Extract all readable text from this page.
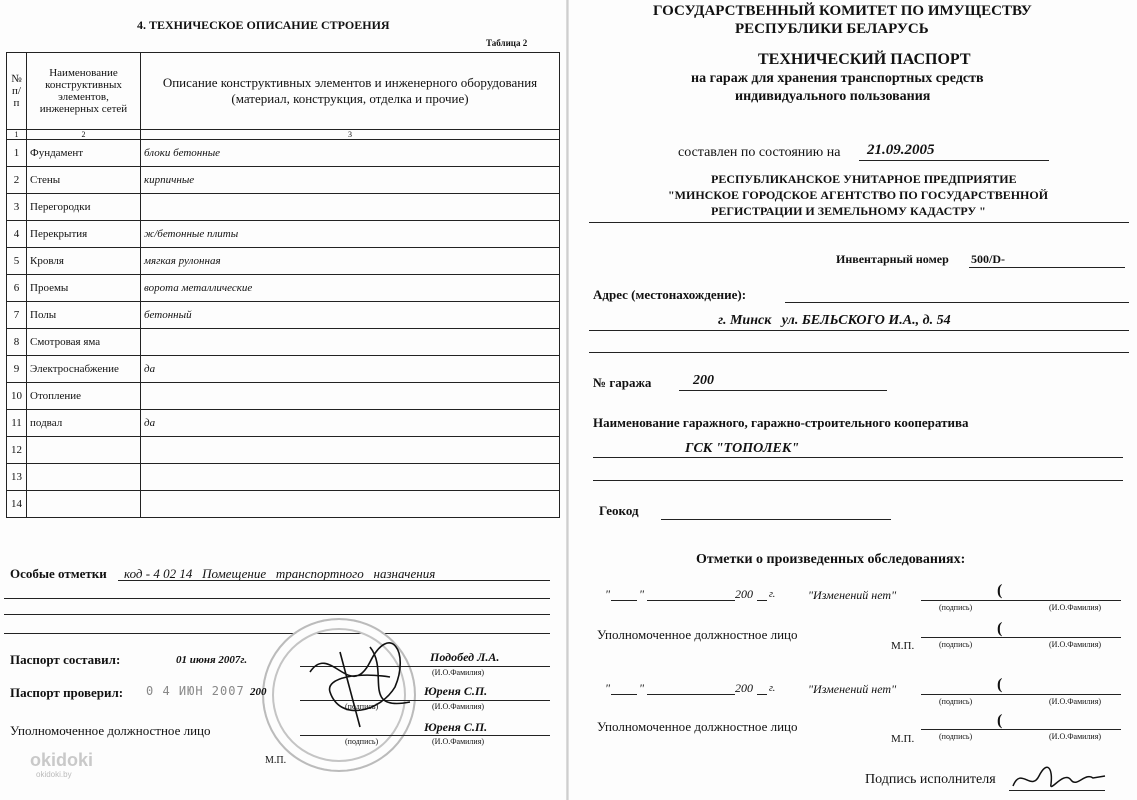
4. ТЕХНИЧЕСКОЕ ОПИСАНИЕ СТРОЕНИЯ
Таблица 2
№ п/ п	Наименование конструктивных элементов, инженерных сетей	Описание конструктивных элементов и инженерного оборудования (материал, конструкция, отделка и прочие)
1	2	3
1	Фундамент	блоки бетонные
2	Стены	кирпичные
3	Перегородки	
4	Перекрытия	ж/бетонные плиты
5	Кровля	мягкая рулонная
6	Проемы	ворота металлические
7	Полы	бетонный
8	Смотровая яма	
9	Электроснабжение	да
10	Отопление	
11	подвал	да
12		
13		
14		
Особые отметки код - 4 02 14   Помещение   транспортного   назначения
Паспорт составил:	01 июня 2007г.	Подобед Л.А.
(И.О.Фамилия)
Паспорт проверил: 0 4 ИЮН 2007 200	Юреня С.П.
(подпись)	(И.О.Фамилия)
Уполномоченное должностное лицо	Юреня С.П.
(подпись)	(И.О.Фамилия)
М.П.
okidoki
okidoki.by
ГОСУДАРСТВЕННЫЙ КОМИТЕТ ПО ИМУЩЕСТВУ
РЕСПУБЛИКИ БЕЛАРУСЬ
ТЕХНИЧЕСКИЙ ПАСПОРТ
на гараж для хранения транспортных средств
индивидуального пользования
составлен по состоянию на 21.09.2005
РЕСПУБЛИКАНСКОЕ УНИТАРНОЕ ПРЕДПРИЯТИЕ
"МИНСКОЕ ГОРОДСКОЕ АГЕНТСТВО ПО ГОСУДАРСТВЕННОЙ
РЕГИСТРАЦИИ И ЗЕМЕЛЬНОМУ КАДАСТРУ "
Инвентарный номер 500/D-
Адрес (местонахождение):
г. Минск   ул. БЕЛЬСКОГО И.А., д. 54
№ гаража	200
Наименование гаражного, гаражно-строительного кооператива
ГСК "ТОПОЛЕК"
Геокод
Отметки о произведенных обследованиях:
" "	200 г.	"Изменений нет"	(
(подпись)	(И.О.Фамилия)
Уполномоченное должностное лицо	(
(подпись)	(И.О.Фамилия)
М.П.
" "	200 г.	"Изменений нет"	(
(подпись)	(И.О.Фамилия)
Уполномоченное должностное лицо	(
(подпись)	(И.О.Фамилия)
М.П.
Подпись исполнителя
